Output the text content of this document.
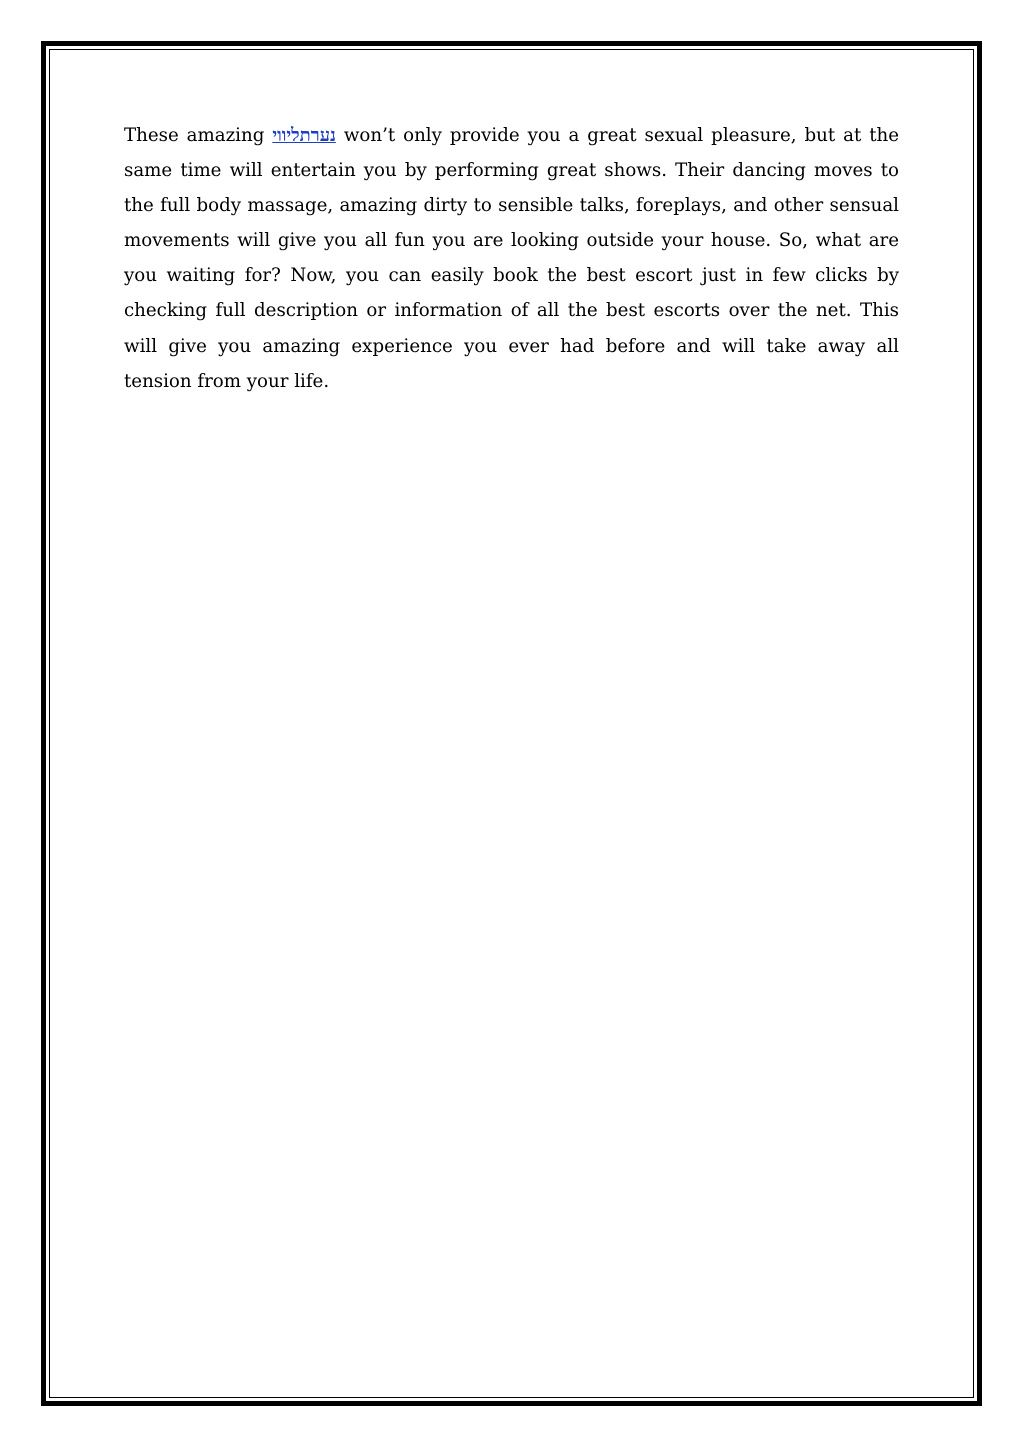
These amazing נערתליווי won’t only provide you a great sexual pleasure, but at the same time will entertain you by performing great shows. Their dancing moves to the full body massage, amazing dirty to sensible talks, foreplays, and other sensual movements will give you all fun you are looking outside your house. So, what are you waiting for? Now, you can easily book the best escort just in few clicks by checking full description or information of all the best escorts over the net. This will give you amazing experience you ever had before and will take away all tension from your life.
